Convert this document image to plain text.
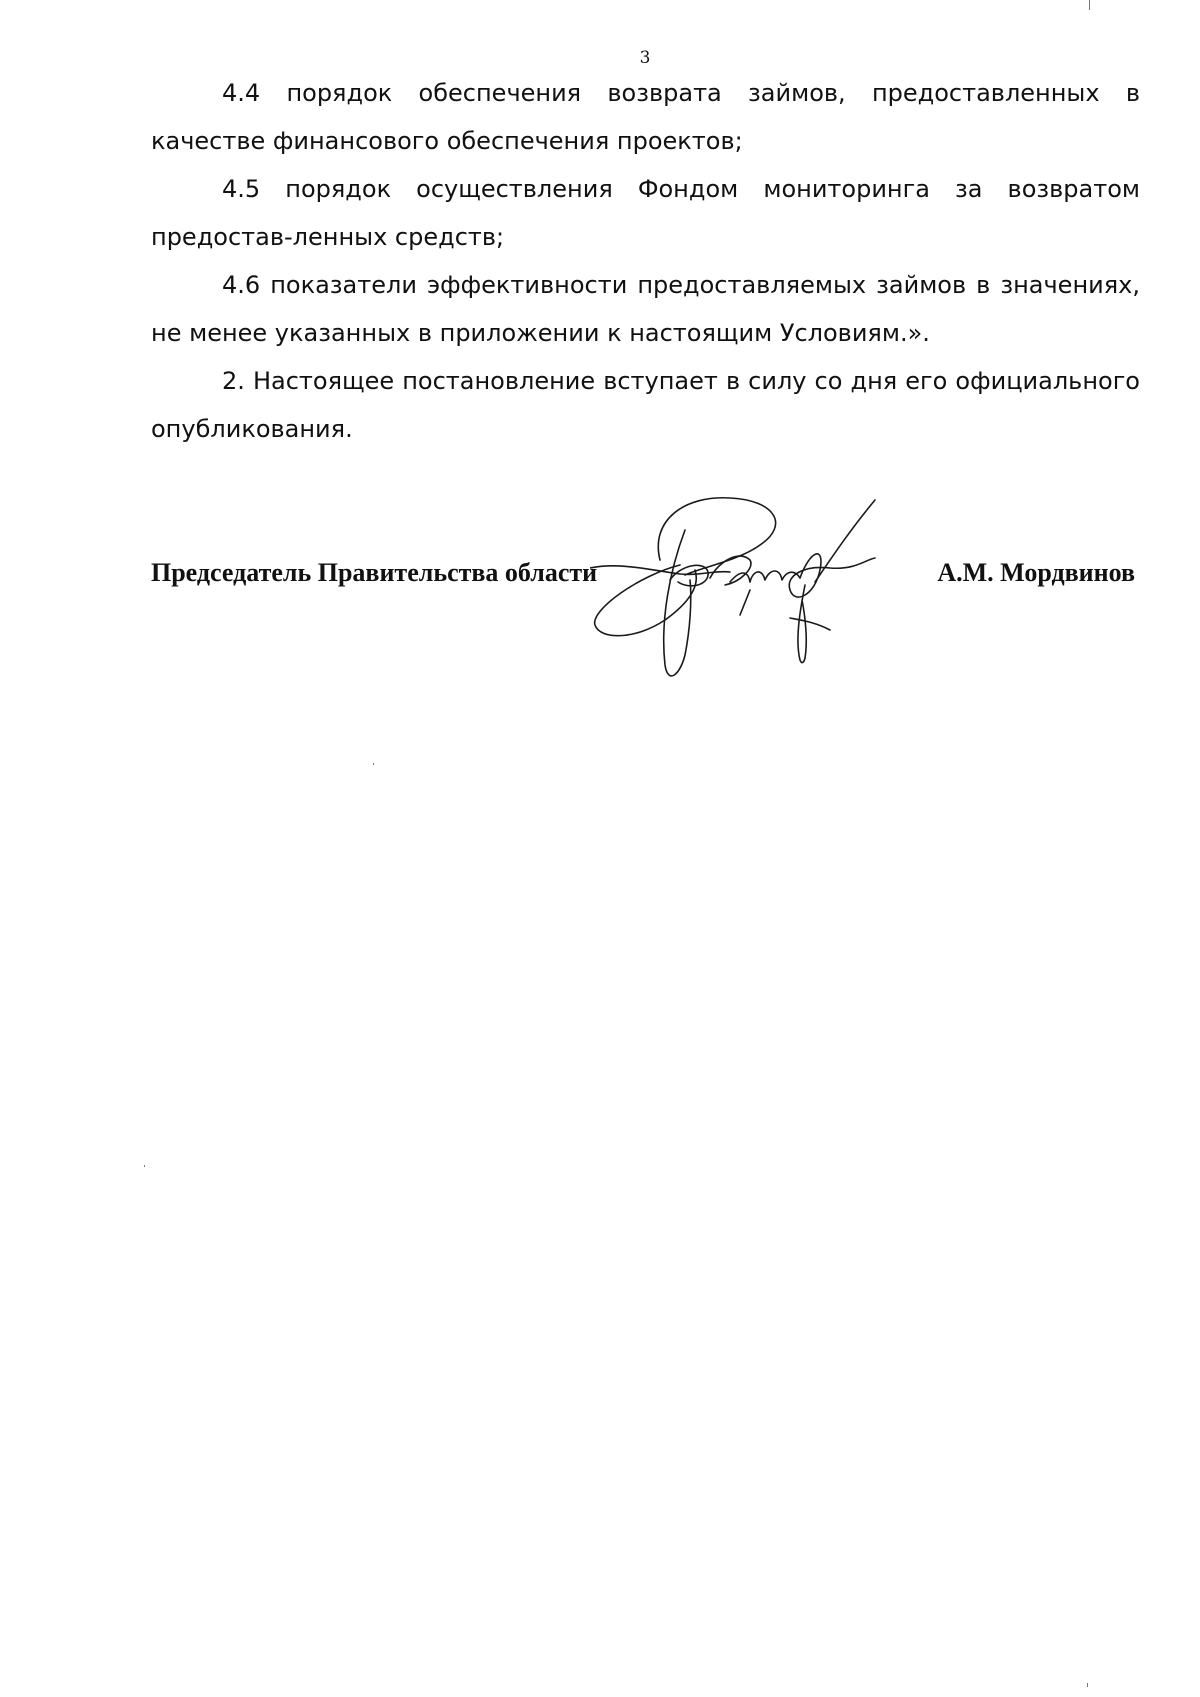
3

4.4 порядок обеспечения возврата займов, предоставленных в качестве финансового обеспечения проектов;

4.5 порядок осуществления Фондом мониторинга за возвратом предостав-ленных средств;

4.6 показатели эффективности предоставляемых займов в значениях, не менее указанных в приложении к настоящим Условиям.».

2. Настоящее постановление вступает в силу со дня его официального опубликования.

Председатель Правительства области	А.М. Мордвинов
